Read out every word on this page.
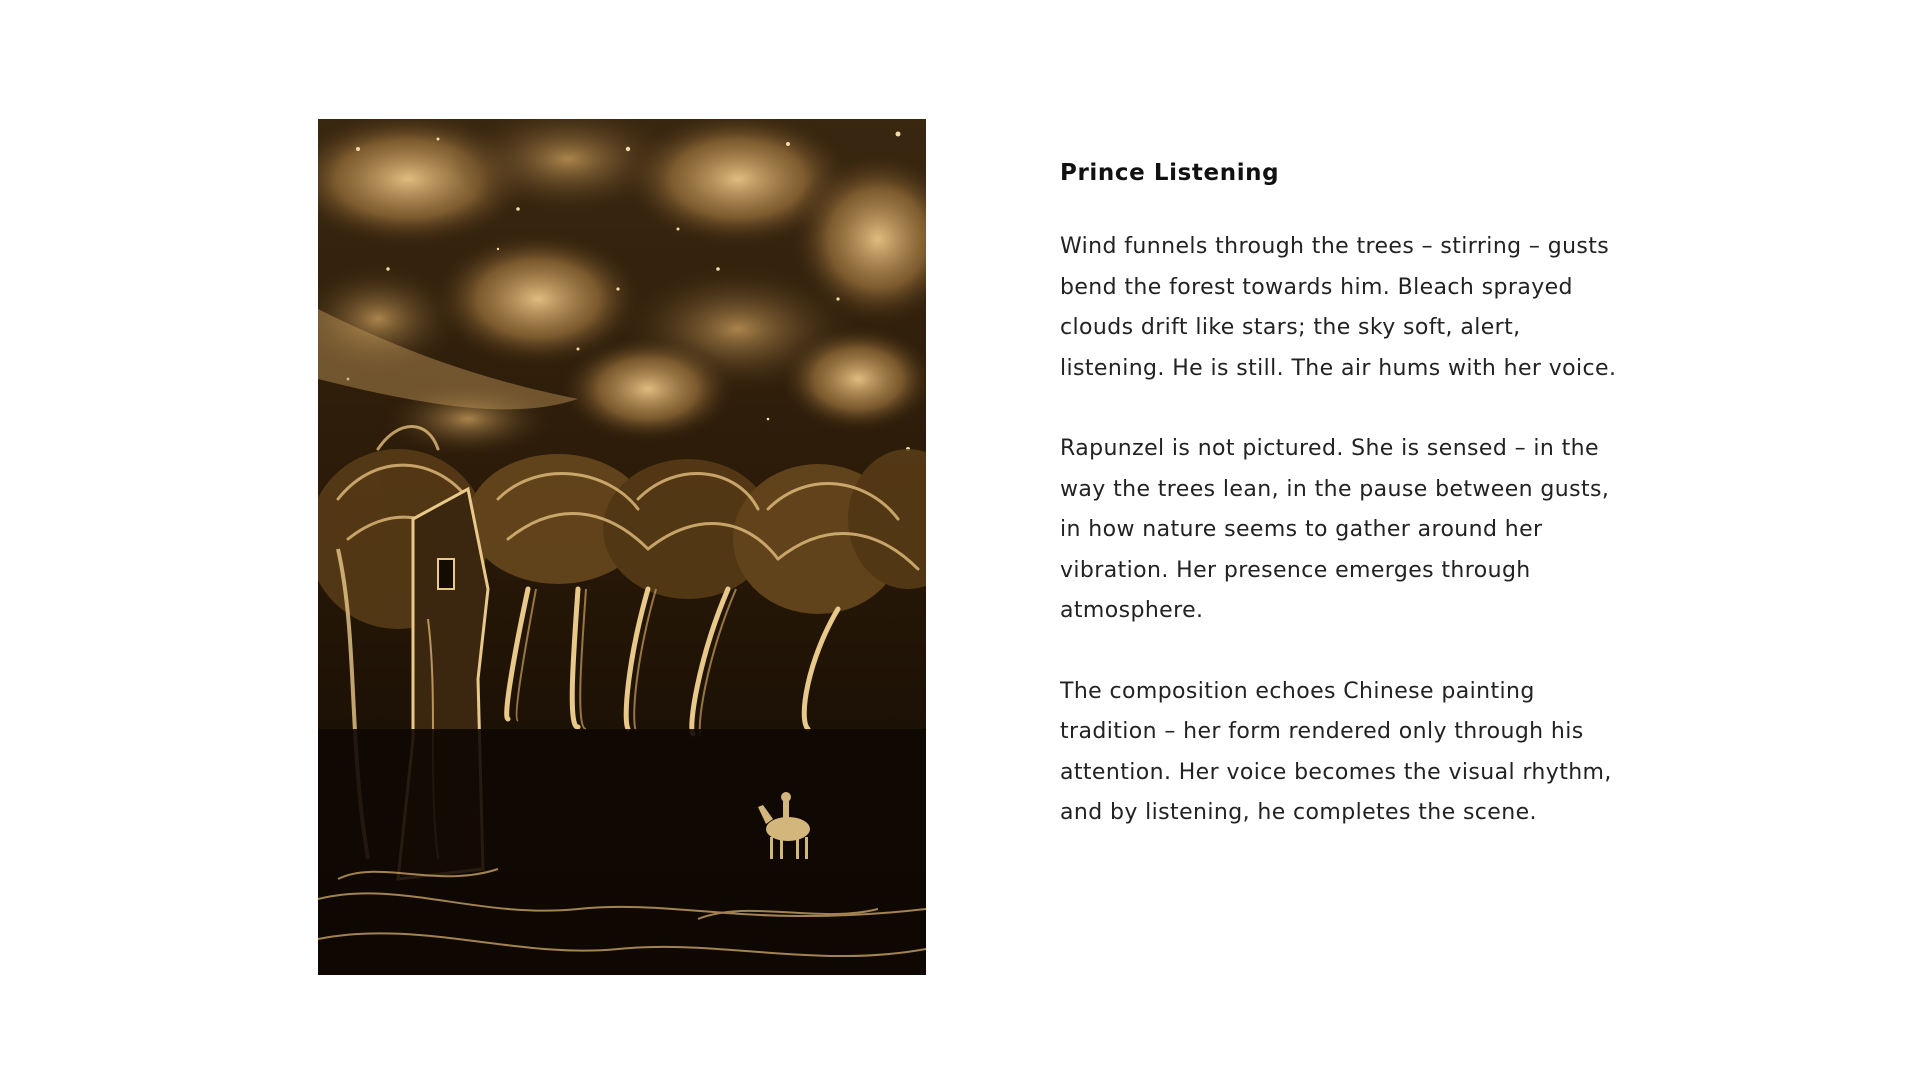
Prince Listening

Wind funnels through the trees – stirring – gusts bend the forest towards him. Bleach sprayed clouds drift like stars; the sky soft, alert, listening. He is still. The air hums with her voice.

Rapunzel is not pictured. She is sensed – in the way the trees lean, in the pause between gusts, in how nature seems to gather around her vibration. Her presence emerges through atmosphere.

The composition echoes Chinese painting tradition – her form rendered only through his attention. Her voice becomes the visual rhythm, and by listening, he completes the scene.
